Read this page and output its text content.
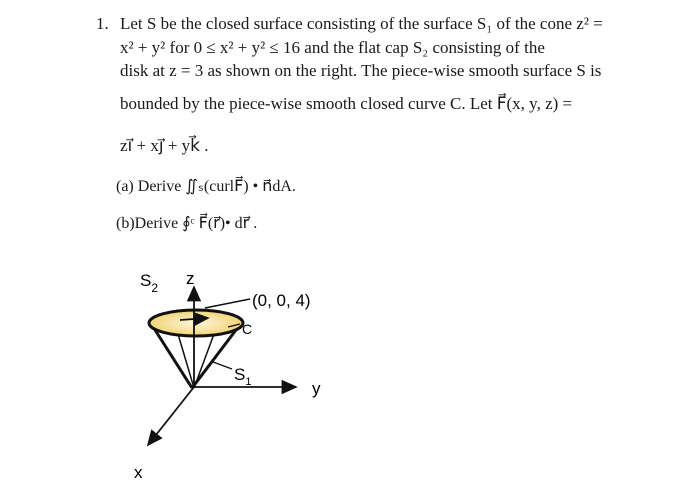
1. Let S be the closed surface consisting of the surface S₁ of the cone z² =
x² + y² for 0 ≤ x² + y² ≤ 16 and the flat cap S₂ consisting of the
disk at z = 3 as shown on the right. The piece-wise smooth surface S is
bounded by the piece-wise smooth closed curve C. Let F⃗(x, y, z) =
zi⃗ + xj⃗ + yk⃗ .
(a) Derive ∬ₛ(curlF⃗) • n⃗dA.
(b)Derive ∮ᶜ F⃗(r⃗)• dr⃗ .
$S_2$ z
(0, 0, 4)
C
$S_1$	y
x
